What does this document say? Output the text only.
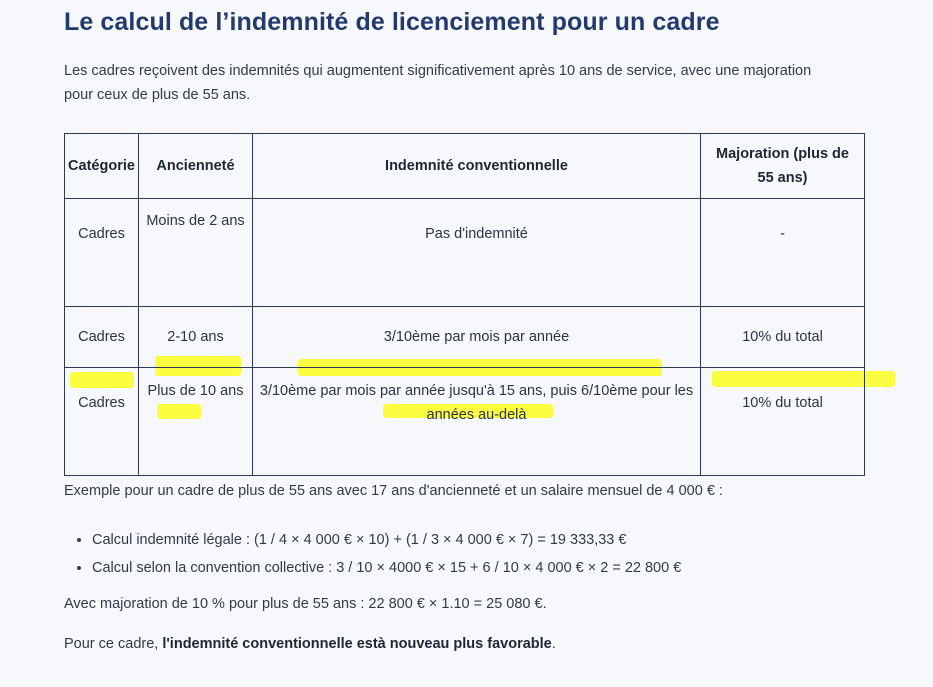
Le calcul de l’indemnité de licenciement pour un cadre

Les cadres reçoivent des indemnités qui augmentent significativement après 10 ans de service, avec une majoration pour ceux de plus de 55 ans.

Catégorie	Ancienneté	Indemnité conventionnelle	Majoration (plus de 55 ans)
Cadres	Moins de 2 ans	Pas d'indemnité	-
Cadres	2-10 ans	3/10ème par mois par année	10% du total
Cadres	Plus de 10 ans	3/10ème par mois par année jusqu'à 15 ans, puis 6/10ème pour les années au-delà	10% du total

Exemple pour un cadre de plus de 55 ans avec 17 ans d'ancienneté et un salaire mensuel de 4 000 € :

• Calcul indemnité légale : (1 / 4 × 4 000 € × 10) + (1 / 3 × 4 000 € × 7) = 19 333,33 €
• Calcul selon la convention collective : 3 / 10 × 4000 € × 15 + 6 / 10 × 4 000 € × 2 = 22 800 €

Avec majoration de 10 % pour plus de 55 ans : 22 800 € × 1.10 = 25 080 €.

Pour ce cadre, l'indemnité conventionnelle està nouveau plus favorable.
